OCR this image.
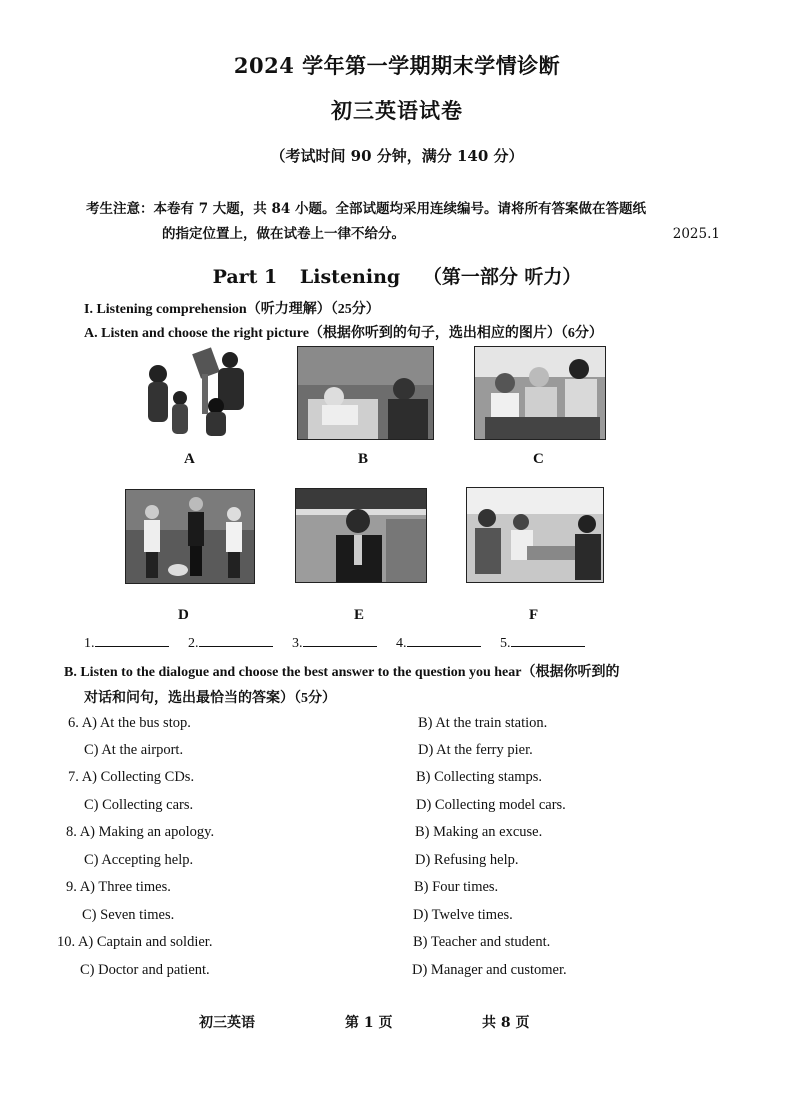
2024 学年第一学期期末学情诊断
初三英语试卷
（考试时间 90 分钟，满分 140 分）
考生注意：本卷有 7 大题，共 84 小题。全部试题均采用连续编号。请将所有答案做在答题纸
的指定位置上，做在试卷上一律不给分。	2025.1
Part 1 Listening （第一部分 听力）
I. Listening comprehension（听力理解）（25分）
A. Listen and choose the right picture（根据你听到的句子，选出相应的图片）（6分）
A	B	C
D	E	F
1.	2.	3.	4.	5.
B. Listen to the dialogue and choose the best answer to the question you hear（根据你听到的
对话和问句，选出最恰当的答案）（5分）
6. A) At the bus stop.	B) At the train station.
C) At the airport.	D) At the ferry pier.
7. A) Collecting CDs.	B) Collecting stamps.
C) Collecting cars.	D) Collecting model cars.
8. A) Making an apology.	B) Making an excuse.
C) Accepting help.	D) Refusing help.
9. A) Three times.	B) Four times.
C) Seven times.	D) Twelve times.
10. A) Captain and soldier.	B) Teacher and student.
C) Doctor and patient.	D) Manager and customer.
初三英语	第 1 页	共 8 页
